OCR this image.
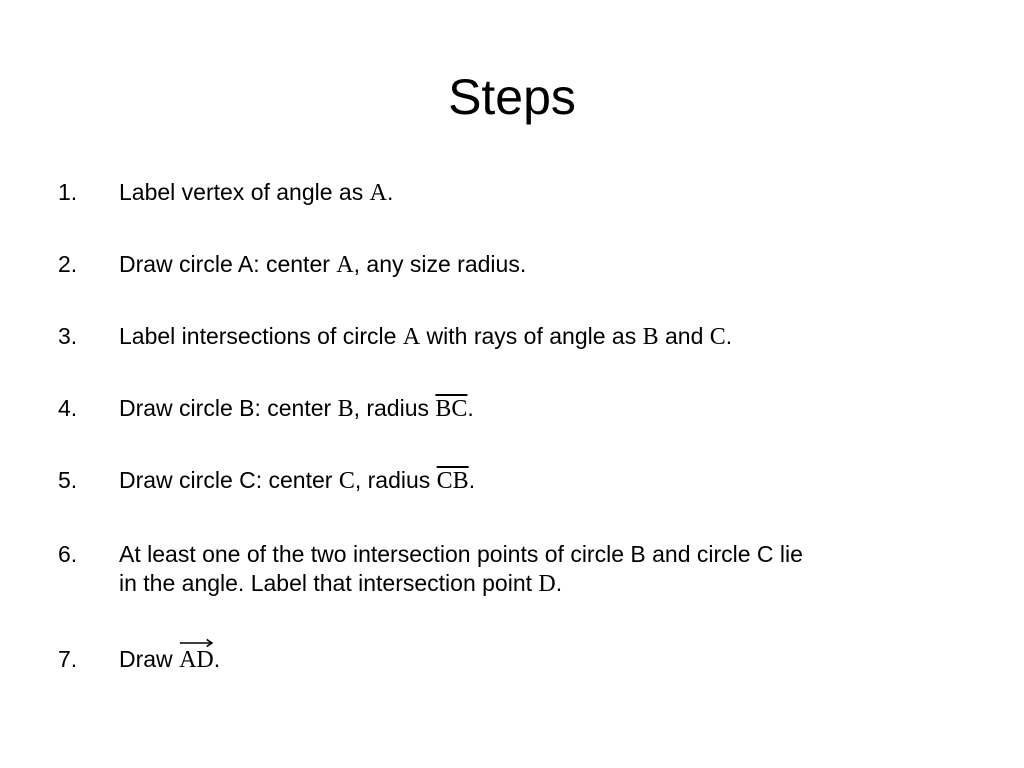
Steps
1.	Label vertex of angle as A.
2.	Draw circle A: center A, any size radius.
3.	Label intersections of circle A with rays of angle as B and C.
4.	Draw circle B: center B, radius $\overline{BC}$.
5.	Draw circle C: center C, radius $\overline{CB}$.
6.	At least one of the two intersection points of circle B and circle C lie
in the angle. Label that intersection point D.
7.	Draw
AD.
